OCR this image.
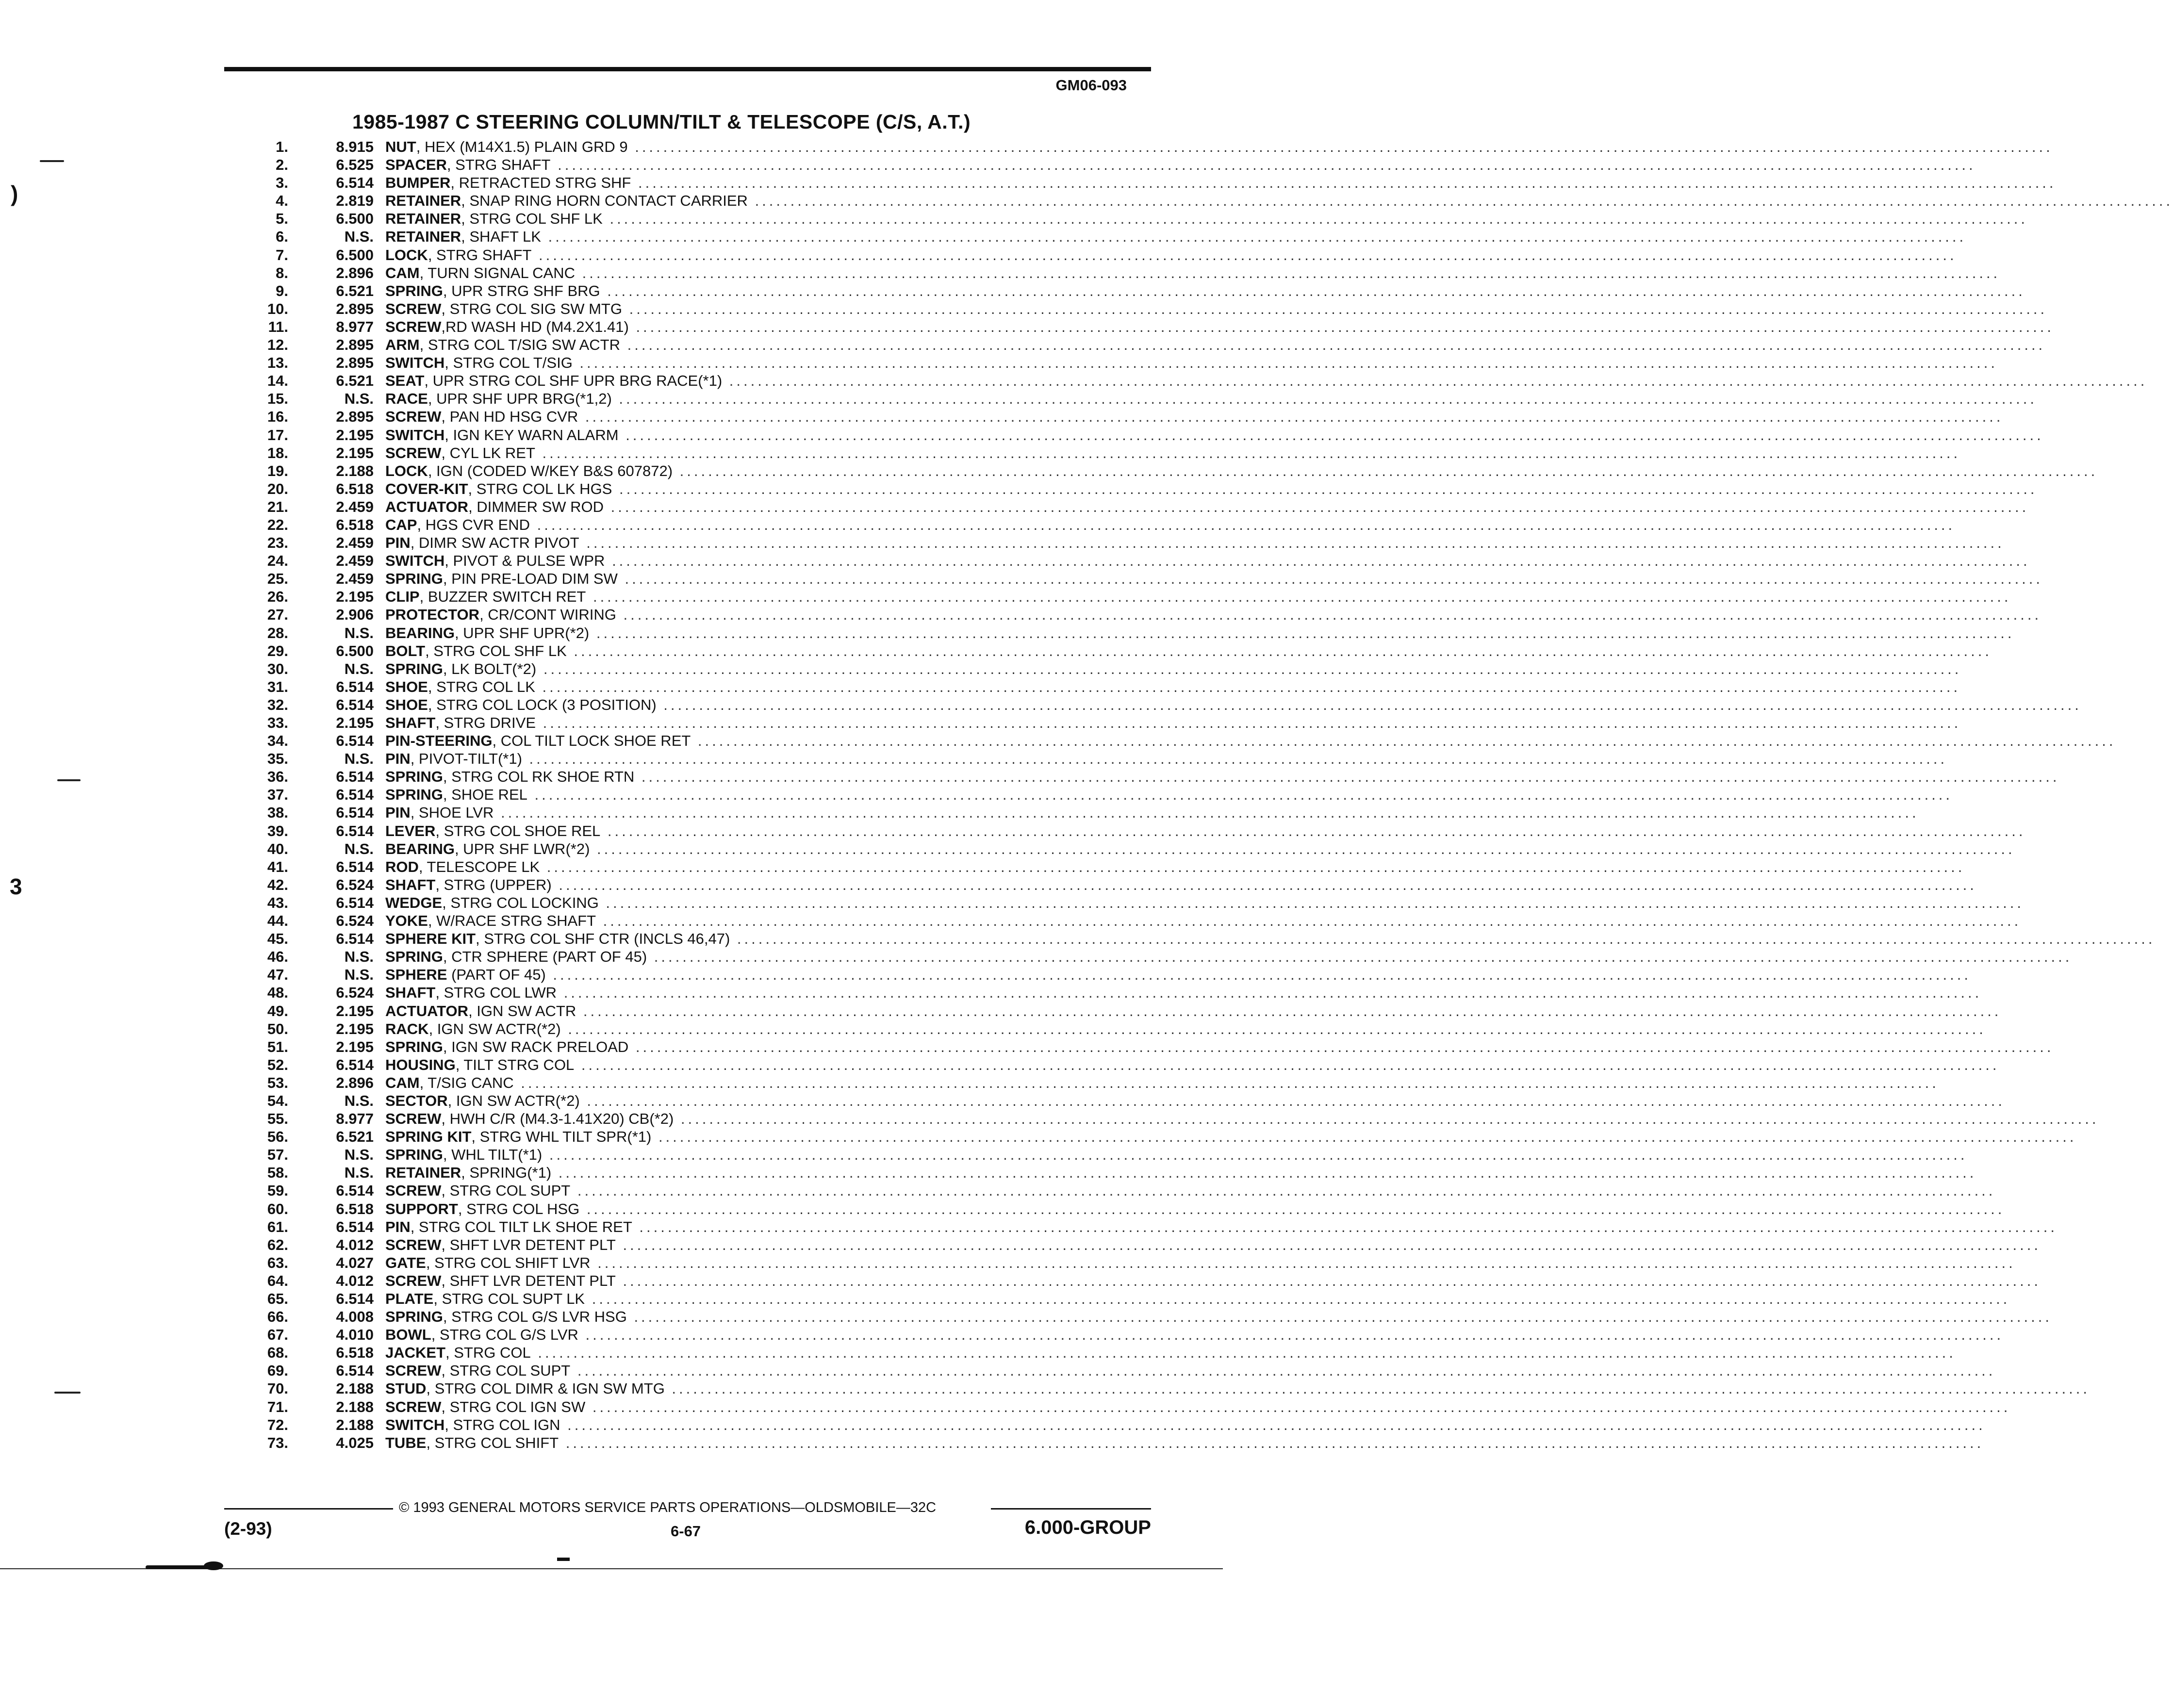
GM06-093
1985-1987 C STEERING COLUMN/TILT & TELESCOPE (C/S, A.T.)
1.	8.915 NUT, HEX (M14X1.5) PLAIN GRD 9 ........................................................................................................................................................................................................
2.	6.525 SPACER, STRG SHAFT ........................................................................................................................................................................................................
3.	6.514 BUMPER, RETRACTED STRG SHF ........................................................................................................................................................................................................
4.	2.819 RETAINER, SNAP RING HORN CONTACT CARRIER ........................................................................................................................................................................................................
5.	6.500 RETAINER, STRG COL SHF LK ........................................................................................................................................................................................................
6.	N.S. RETAINER, SHAFT LK ........................................................................................................................................................................................................
7.	6.500 LOCK, STRG SHAFT ........................................................................................................................................................................................................
8.	2.896 CAM, TURN SIGNAL CANC ........................................................................................................................................................................................................
9.	6.521 SPRING, UPR STRG SHF BRG ........................................................................................................................................................................................................
10.	2.895 SCREW, STRG COL SIG SW MTG ........................................................................................................................................................................................................
11.	8.977 SCREW,RD WASH HD (M4.2X1.41) ........................................................................................................................................................................................................
12.	2.895 ARM, STRG COL T/SIG SW ACTR ........................................................................................................................................................................................................
13.	2.895 SWITCH, STRG COL T/SIG ........................................................................................................................................................................................................
14.	6.521 SEAT, UPR STRG COL SHF UPR BRG RACE(*1) ........................................................................................................................................................................................................
15.	N.S. RACE, UPR SHF UPR BRG(*1,2) ........................................................................................................................................................................................................
16.	2.895 SCREW, PAN HD HSG CVR ........................................................................................................................................................................................................
17.	2.195 SWITCH, IGN KEY WARN ALARM ........................................................................................................................................................................................................
18.	2.195 SCREW, CYL LK RET ........................................................................................................................................................................................................
19.	2.188 LOCK, IGN (CODED W/KEY B&S 607872) ........................................................................................................................................................................................................
20.	6.518 COVER-KIT, STRG COL LK HGS ........................................................................................................................................................................................................
21.	2.459 ACTUATOR, DIMMER SW ROD ........................................................................................................................................................................................................
22.	6.518 CAP, HGS CVR END ........................................................................................................................................................................................................
23.	2.459 PIN, DIMR SW ACTR PIVOT ........................................................................................................................................................................................................
24.	2.459 SWITCH, PIVOT & PULSE WPR ........................................................................................................................................................................................................
25.	2.459 SPRING, PIN PRE-LOAD DIM SW ........................................................................................................................................................................................................
26.	2.195 CLIP, BUZZER SWITCH RET ........................................................................................................................................................................................................
27.	2.906 PROTECTOR, CR/CONT WIRING ........................................................................................................................................................................................................
28.	N.S. BEARING, UPR SHF UPR(*2) ........................................................................................................................................................................................................
29.	6.500 BOLT, STRG COL SHF LK ........................................................................................................................................................................................................
30.	N.S. SPRING, LK BOLT(*2) ........................................................................................................................................................................................................
31.	6.514 SHOE, STRG COL LK ........................................................................................................................................................................................................
32.	6.514 SHOE, STRG COL LOCK (3 POSITION) ........................................................................................................................................................................................................
33.	2.195 SHAFT, STRG DRIVE ........................................................................................................................................................................................................
34.	6.514 PIN-STEERING, COL TILT LOCK SHOE RET ........................................................................................................................................................................................................
35.	N.S. PIN, PIVOT-TILT(*1) ........................................................................................................................................................................................................
36.	6.514 SPRING, STRG COL RK SHOE RTN ........................................................................................................................................................................................................
37.	6.514 SPRING, SHOE REL ........................................................................................................................................................................................................
38.	6.514 PIN, SHOE LVR ........................................................................................................................................................................................................
39.	6.514 LEVER, STRG COL SHOE REL ........................................................................................................................................................................................................
40.	N.S. BEARING, UPR SHF LWR(*2) ........................................................................................................................................................................................................
41.	6.514 ROD, TELESCOPE LK ........................................................................................................................................................................................................
42.	6.524 SHAFT, STRG (UPPER) ........................................................................................................................................................................................................
43.	6.514 WEDGE, STRG COL LOCKING ........................................................................................................................................................................................................
44.	6.524 YOKE, W/RACE STRG SHAFT ........................................................................................................................................................................................................
45.	6.514 SPHERE KIT, STRG COL SHF CTR (INCLS 46,47) ........................................................................................................................................................................................................
46.	N.S. SPRING, CTR SPHERE (PART OF 45) ........................................................................................................................................................................................................
47.	N.S. SPHERE (PART OF 45) ........................................................................................................................................................................................................
48.	6.524 SHAFT, STRG COL LWR ........................................................................................................................................................................................................
49.	2.195 ACTUATOR, IGN SW ACTR ........................................................................................................................................................................................................
50.	2.195 RACK, IGN SW ACTR(*2) ........................................................................................................................................................................................................
51.	2.195 SPRING, IGN SW RACK PRELOAD ........................................................................................................................................................................................................
52.	6.514 HOUSING, TILT STRG COL ........................................................................................................................................................................................................
53.	2.896 CAM, T/SIG CANC ........................................................................................................................................................................................................
54.	N.S. SECTOR, IGN SW ACTR(*2) ........................................................................................................................................................................................................
55.	8.977 SCREW, HWH C/R (M4.3-1.41X20) CB(*2) ........................................................................................................................................................................................................
56.	6.521 SPRING KIT, STRG WHL TILT SPR(*1) ........................................................................................................................................................................................................
57.	N.S. SPRING, WHL TILT(*1) ........................................................................................................................................................................................................
58.	N.S. RETAINER, SPRING(*1) ........................................................................................................................................................................................................
59.	6.514 SCREW, STRG COL SUPT ........................................................................................................................................................................................................
60.	6.518 SUPPORT, STRG COL HSG ........................................................................................................................................................................................................
61.	6.514 PIN, STRG COL TILT LK SHOE RET ........................................................................................................................................................................................................
62.	4.012 SCREW, SHFT LVR DETENT PLT ........................................................................................................................................................................................................
63.	4.027 GATE, STRG COL SHIFT LVR ........................................................................................................................................................................................................
64.	4.012 SCREW, SHFT LVR DETENT PLT ........................................................................................................................................................................................................
65.	6.514 PLATE, STRG COL SUPT LK ........................................................................................................................................................................................................
66.	4.008 SPRING, STRG COL G/S LVR HSG ........................................................................................................................................................................................................
67.	4.010 BOWL, STRG COL G/S LVR ........................................................................................................................................................................................................
68.	6.518 JACKET, STRG COL ........................................................................................................................................................................................................
69.	6.514 SCREW, STRG COL SUPT ........................................................................................................................................................................................................
70.	2.188 STUD, STRG COL DIMR & IGN SW MTG ........................................................................................................................................................................................................
71.	2.188 SCREW, STRG COL IGN SW ........................................................................................................................................................................................................
72.	2.188 SWITCH, STRG COL IGN ........................................................................................................................................................................................................
73.	4.025 TUBE, STRG COL SHIFT ........................................................................................................................................................................................................
© 1993 GENERAL MOTORS SERVICE PARTS OPERATIONS—OLDSMOBILE—32C
(2-93)	6-67	6.000-GROUP
)
3
